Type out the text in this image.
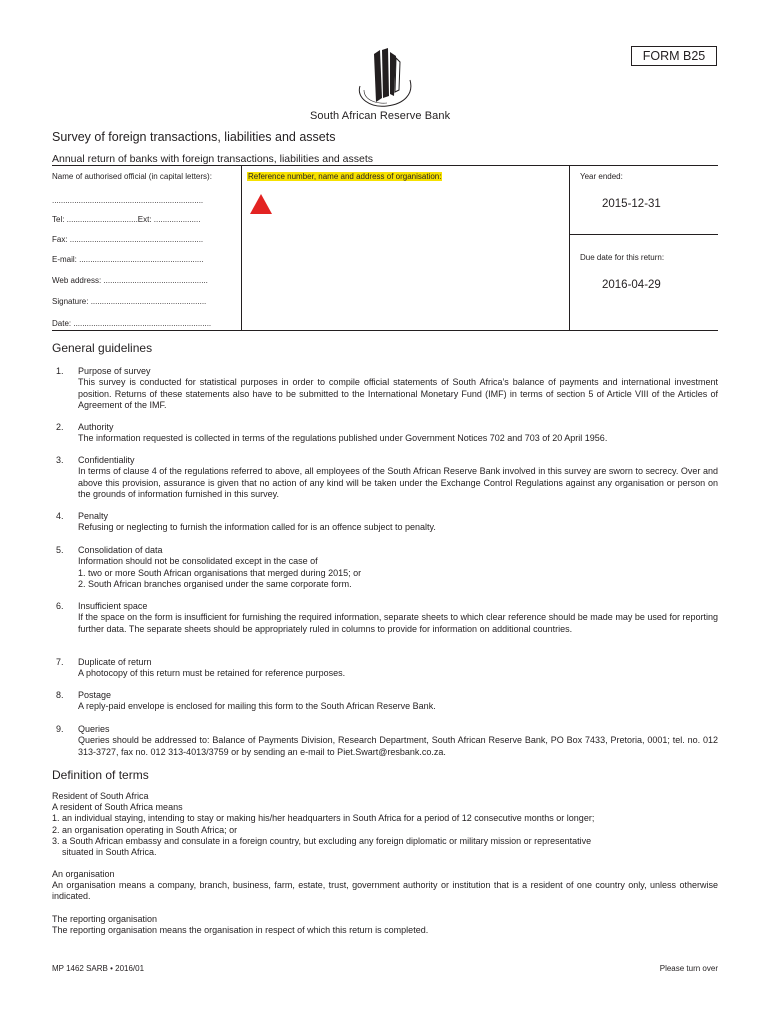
FORM B25
South African Reserve Bank
Survey of foreign transactions, liabilities and assets
Annual return of banks with foreign transactions, liabilities and assets
Name of authorised official (in capital letters):
....................................................................
Tel: ................................Ext: .....................
Fax: ............................................................
E-mail: ........................................................
Web address: ...............................................
Signature: ....................................................
Date: ..............................................................
Reference number, name and address of organisation:	Year ended:
2015-12-31
Due date for this return:
2016-04-29
General guidelines
1.	Purpose of survey
This survey is conducted for statistical purposes in order to compile official statements of South Africa’s balance of payments and international investment position. Returns of these statements also have to be submitted to the International Monetary Fund (IMF) in terms of section 5 of Article VIII of the Articles of Agreement of the IMF.
2.	Authority
The information requested is collected in terms of the regulations published under Government Notices 702 and 703 of 20 April 1956.
3.	Confidentiality
In terms of clause 4 of the regulations referred to above, all employees of the South African Reserve Bank involved in this survey are sworn to secrecy. Over and above this provision, assurance is given that no action of any kind will be taken under the Exchange Control Regulations against any organisation or person on the grounds of information furnished in this survey.
4.	Penalty
Refusing or neglecting to furnish the information called for is an offence subject to penalty.
5.	Consolidation of data
Information should not be consolidated except in the case of
1. two or more South African organisations that merged during 2015; or
2. South African branches organised under the same corporate form.
6.	Insufficient space
If the space on the form is insufficient for furnishing the required information, separate sheets to which clear reference should be made may be used for reporting further data. The separate sheets should be appropriately ruled in columns to provide for information on additional countries.
7.	Duplicate of return
A photocopy of this return must be retained for reference purposes.
8.	Postage
A reply-paid envelope is enclosed for mailing this form to the South African Reserve Bank.
9.	Queries
Queries should be addressed to: Balance of Payments Division, Research Department, South African Reserve Bank, PO Box 7433, Pretoria, 0001; tel. no. 012 313-3727, fax no. 012 313-4013/3759 or by sending an e-mail to Piet.Swart@resbank.co.za.
Definition of terms
Resident of South Africa
A resident of South Africa means
1. an individual staying, intending to stay or making his/her headquarters in South Africa for a period of 12 consecutive months or longer;
2. an organisation operating in South Africa; or
3. a South African embassy and consulate in a foreign country, but excluding any foreign diplomatic or military mission or representative
situated in South Africa.
An organisation
An organisation means a company, branch, business, farm, estate, trust, government authority or institution that is a resident of one country only, unless otherwise indicated.
The reporting organisation
The reporting organisation means the organisation in respect of which this return is completed.
MP 1462 SARB • 2016/01	Please turn over
